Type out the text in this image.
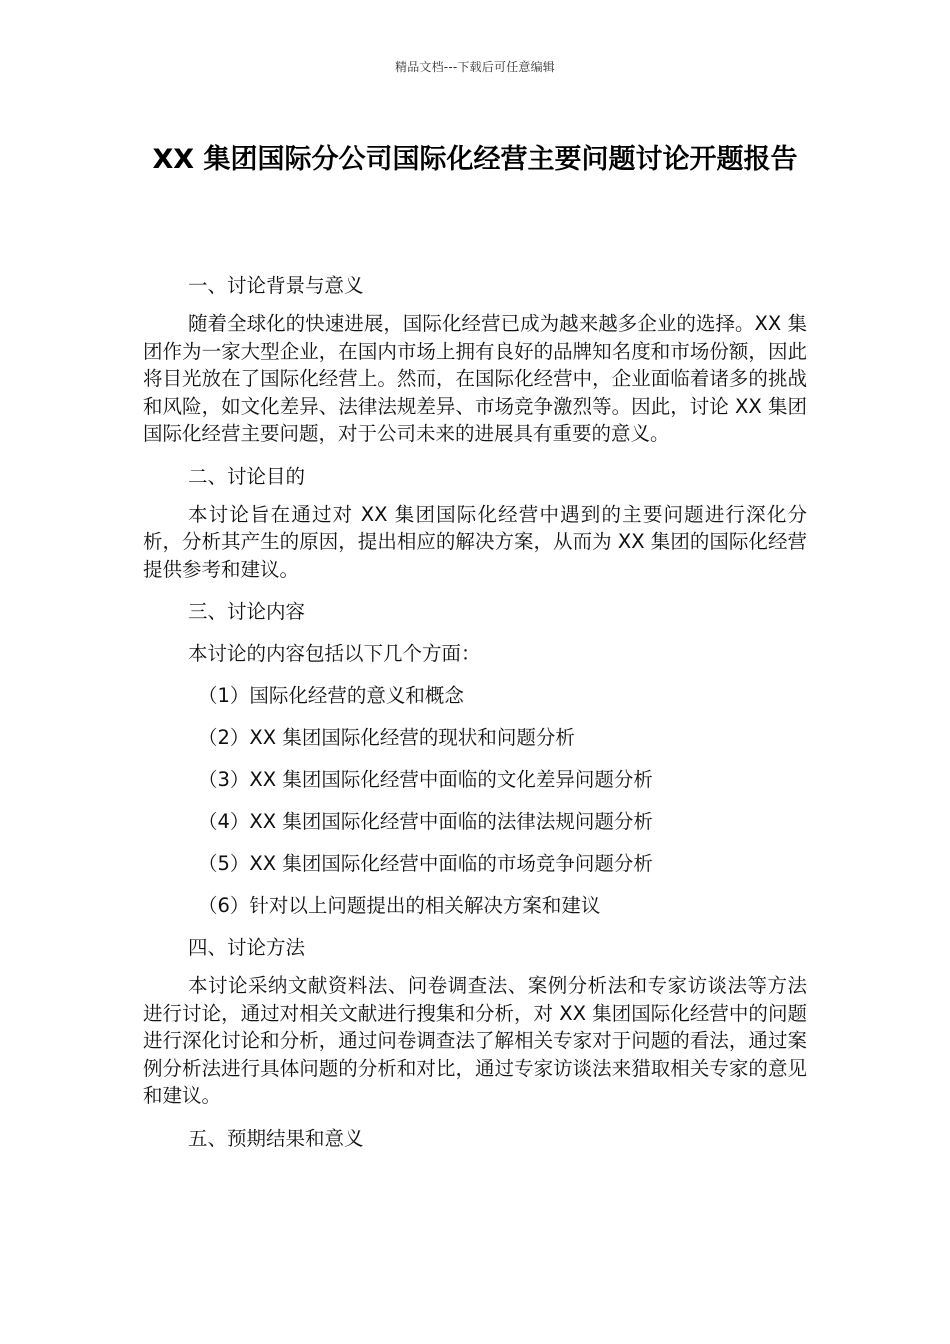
精品文档---下载后可任意编辑
XX 集团国际分公司国际化经营主要问题讨论开题报告
一、讨论背景与意义
随着全球化的快速进展，国际化经营已成为越来越多企业的选择。XX 集团作为一家大型企业，在国内市场上拥有良好的品牌知名度和市场份额，因此将目光放在了国际化经营上。然而，在国际化经营中，企业面临着诸多的挑战和风险，如文化差异、法律法规差异、市场竞争激烈等。因此，讨论 XX 集团国际化经营主要问题，对于公司未来的进展具有重要的意义。
二、讨论目的
本讨论旨在通过对 XX 集团国际化经营中遇到的主要问题进行深化分析，分析其产生的原因，提出相应的解决方案，从而为 XX 集团的国际化经营提供参考和建议。
三、讨论内容
本讨论的内容包括以下几个方面：
（1）国际化经营的意义和概念
（2）XX 集团国际化经营的现状和问题分析
（3）XX 集团国际化经营中面临的文化差异问题分析
（4）XX 集团国际化经营中面临的法律法规问题分析
（5）XX 集团国际化经营中面临的市场竞争问题分析
（6）针对以上问题提出的相关解决方案和建议
四、讨论方法
本讨论采纳文献资料法、问卷调查法、案例分析法和专家访谈法等方法进行讨论，通过对相关文献进行搜集和分析，对 XX 集团国际化经营中的问题进行深化讨论和分析，通过问卷调查法了解相关专家对于问题的看法，通过案例分析法进行具体问题的分析和对比，通过专家访谈法来猎取相关专家的意见和建议。
五、预期结果和意义
